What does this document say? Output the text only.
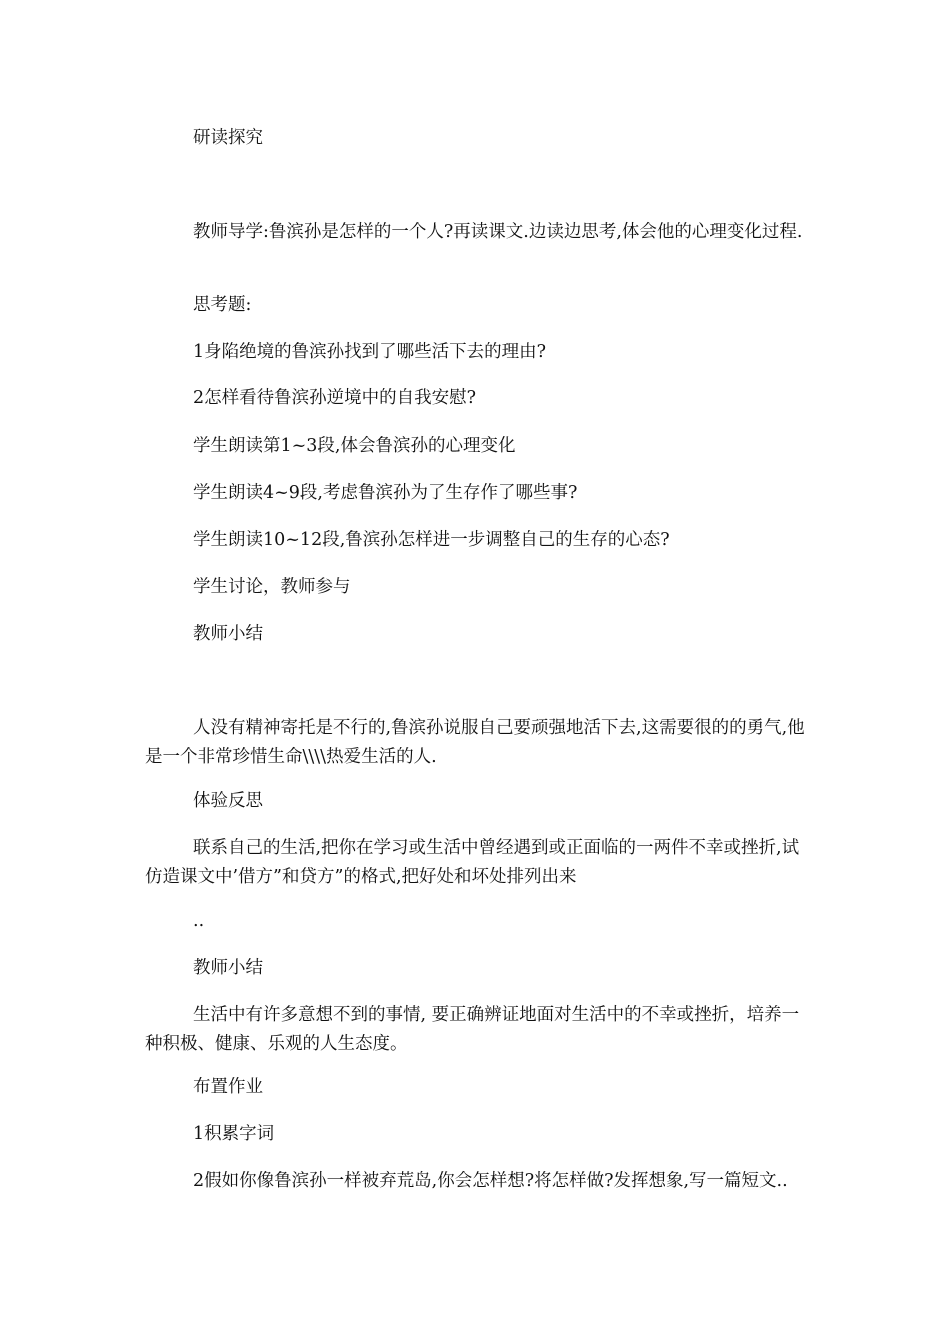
研读探究

教师导学:鲁滨孙是怎样的一个人?再读课文.边读边思考,体会他的心理变化过程.

思考题:

1身陷绝境的鲁滨孙找到了哪些活下去的理由?

2怎样看待鲁滨孙逆境中的自我安慰?

学生朗读第1~3段,体会鲁滨孙的心理变化

学生朗读4~9段,考虑鲁滨孙为了生存作了哪些事?

学生朗读10~12段,鲁滨孙怎样进一步调整自己的生存的心态?

学生讨论，教师参与

教师小结

人没有精神寄托是不行的,鲁滨孙说服自己要顽强地活下去,这需要很的的勇气,他是一个非常珍惜生命\\\\热爱生活的人.

体验反思

联系自己的生活,把你在学习或生活中曾经遇到或正面临的一两件不幸或挫折,试仿造课文中’借方”和贷方”的格式,把好处和坏处排列出来

..

教师小结

生活中有许多意想不到的事情, 要正确辨证地面对生活中的不幸或挫折，培养一种积极、健康、乐观的人生态度。

布置作业

1积累字词

2假如你像鲁滨孙一样被弃荒岛,你会怎样想?将怎样做?发挥想象,写一篇短文..
